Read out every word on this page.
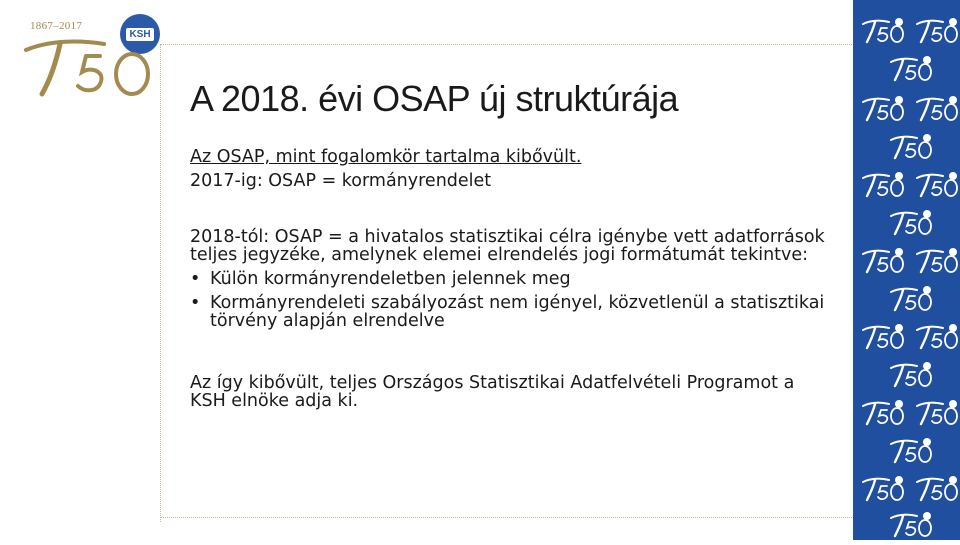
1867–2017
KSH
A 2018. évi OSAP új struktúrája

Az OSAP, mint fogalomkör tartalma kibővült.

2017-ig: OSAP = kormányrendelet

2018-tól: OSAP = a hivatalos statisztikai célra igénybe vett adatforrások teljes jegyzéke, amelynek elemei elrendelés jogi formátumát tekintve:

• Külön kormányrendeletben jelennek meg
• Kormányrendeleti szabályozást nem igényel, közvetlenül a statisztikai törvény alapján elrendelve

Az így kibővült, teljes Országos Statisztikai Adatfelvételi Programot a KSH elnöke adja ki.
